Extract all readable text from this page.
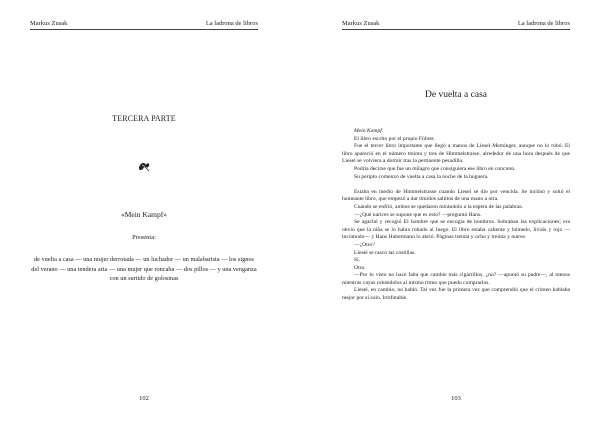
Markus Zusak	La ladrona de libros
TERCERA PARTE
«Mein Kampf»
Presenta:
de vuelta a casa — una mujer derrotada — un luchador — un malabarista — los signos del verano — una tendera aria — una mujer que roncaba — dos pillos — y una venganza con un surtido de golosinas
102
Markus Zusak	La ladrona de libros
De vuelta a casa

Mein Kampf.

El libro escrito por el propio Führer.

Fue el tercer libro importante que llegó a manos de Liesel Meminger, aunque no lo robó. El libro apareció en el número treinta y tres de Himmelstrasse, alrededor de una hora después de que Liesel se volviera a dormir tras la pertinente pesadilla.

Podría decirse que fue un milagro que consiguiera ese libro en concreto.

Su periplo comenzó de vuelta a casa la noche de la hoguera.

Estaba en medio de Himmelstrasse cuando Liesel se dio por vencida. Se inclinó y soltó el humeante libro, que empezó a dar tímidos saltitos de una mano a otra.

Cuando se enfrió, ambos se quedaron mirándolo a la espera de las palabras.

—¿Qué narices se supone que es esto? —preguntó Hans.

Se agachó y recogió El hombre que se encogía de hombros. Sobraban las explicaciones; era obvio que la niña se lo había robado al fuego. El libro estaba caliente y húmedo, lívido y rojo —incómodo— y Hans Hubermann lo abrió. Páginas treinta y ocho y treinta y nueve.

—¿Otro?

Liesel se rascó las costillas.

Sí.

Otro.

—Por lo visto no hace falta que cambie más cigarrillos, ¿no? —apuntó su padre—, al menos mientras vayas robándolos al mismo ritmo que puedo comprarlos.

Liesel, en cambio, no habló. Tal vez fue la primera vez que comprendió que el crimen hablaba mejor por sí solo. Irrefutable.

103
